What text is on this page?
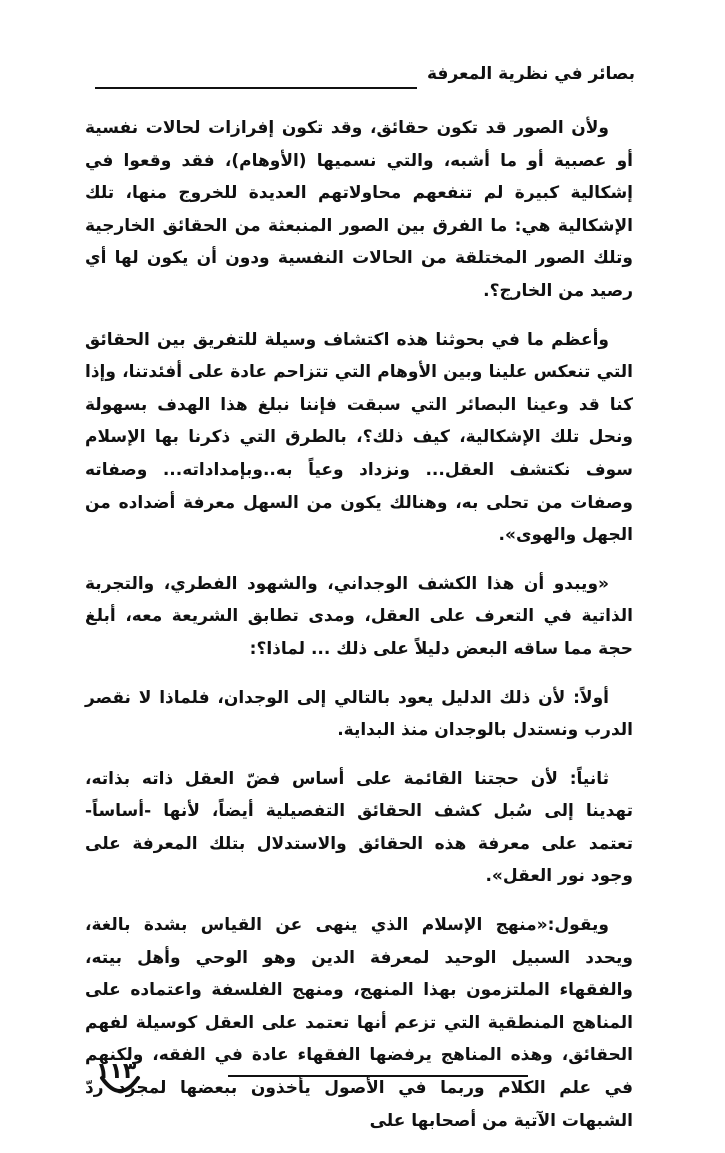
بصائر في نظرية المعرفة

ولأن الصور قد تكون حقائق، وقد تكون إفرازات لحالات نفسية أو عصبية أو ما أشبه، والتي نسميها (الأوهام)، فقد وقعوا في إشكالية كبيرة لم تنفعهم محاولاتهم العديدة للخروج منها، تلك الإشكالية هي: ما الفرق بين الصور المنبعثة من الحقائق الخارجية وتلك الصور المختلقة من الحالات النفسية ودون أن يكون لها أي رصيد من الخارج؟.

وأعظم ما في بحوثنا هذه اكتشاف وسيلة للتفريق بين الحقائق التي تنعكس علينا وبين الأوهام التي تتزاحم عادة على أفئدتنا، وإذا كنا قد وعينا البصائر التي سبقت فإننا نبلغ هذا الهدف بسهولة ونحل تلك الإشكالية، كيف ذلك؟، بالطرق التي ذكرنا بها الإسلام سوف نكتشف العقل... ونزداد وعياً به..وبإمداداته... وصفاته وصفات من تحلى به، وهنالك يكون من السهل معرفة أضداده من الجهل والهوى».

«ويبدو أن هذا الكشف الوجداني، والشهود الفطري، والتجربة الذاتية في التعرف على العقل، ومدى تطابق الشريعة معه، أبلغ حجة مما ساقه البعض دليلاً على ذلك ... لماذا؟:

أولاً: لأن ذلك الدليل يعود بالتالي إلى الوجدان، فلماذا لا نقصر الدرب ونستدل بالوجدان منذ البداية.

ثانياً: لأن حجتنا القائمة على أساس فضّ العقل ذاته بذاته، تهدينا إلى سُبل كشف الحقائق التفصيلية أيضاً، لأنها -أساساً- تعتمد على معرفة هذه الحقائق والاستدلال بتلك المعرفة على وجود نور العقل».

ويقول:«منهج الإسلام الذي ينهى عن القياس بشدة بالغة، ويحدد السبيل الوحيد لمعرفة الدين وهو الوحي وأهل بيته، والفقهاء الملتزمون بهذا المنهج، ومنهج الفلسفة واعتماده على المناهج المنطقية التي تزعم أنها تعتمد على العقل كوسيلة لفهم الحقائق، وهذه المناهج يرفضها الفقهاء عادة في الفقه، ولكنهم في علم الكلام وربما في الأصول يأخذون ببعضها لمجرد ردّ الشبهات الآتية من أصحابها على

١١٣
